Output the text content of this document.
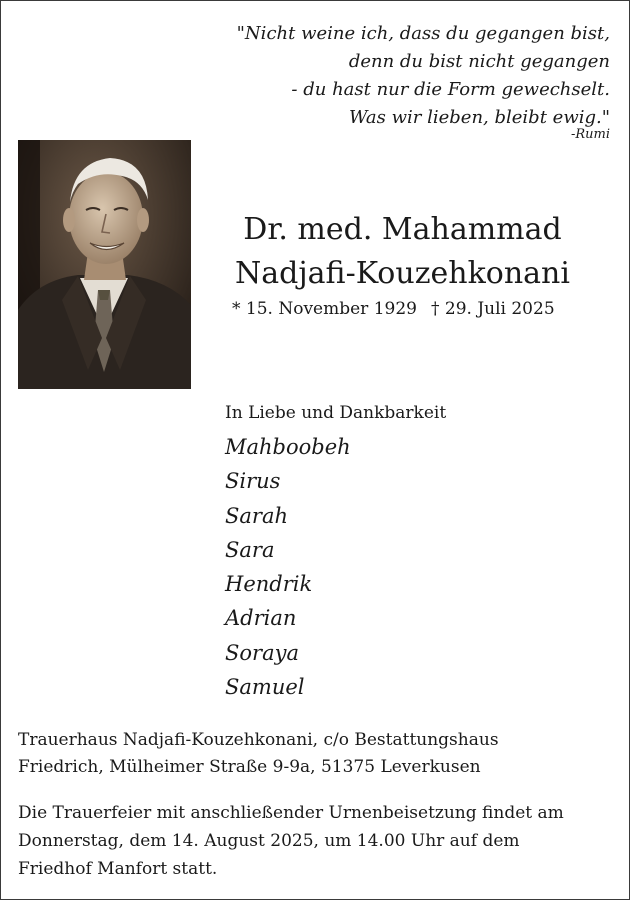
"Nicht weine ich, dass du gegangen bist,
denn du bist nicht gegangen
- du hast nur die Form gewechselt.
Was wir lieben, bleibt ewig."
-Rumi
Dr. med. Mahammad
Nadjafi-Kouzehkonani
* 15. November 1929 † 29. Juli 2025
In Liebe und Dankbarkeit
Mahboobeh
Sirus
Sarah
Sara
Hendrik
Adrian
Soraya
Samuel
Trauerhaus Nadjafi-Kouzehkonani, c/o Bestattungshaus
Friedrich, Mülheimer Straße 9-9a, 51375 Leverkusen
Die Trauerfeier mit anschließender Urnenbeisetzung findet am
Donnerstag, dem 14. August 2025, um 14.00 Uhr auf dem
Friedhof Manfort statt.
